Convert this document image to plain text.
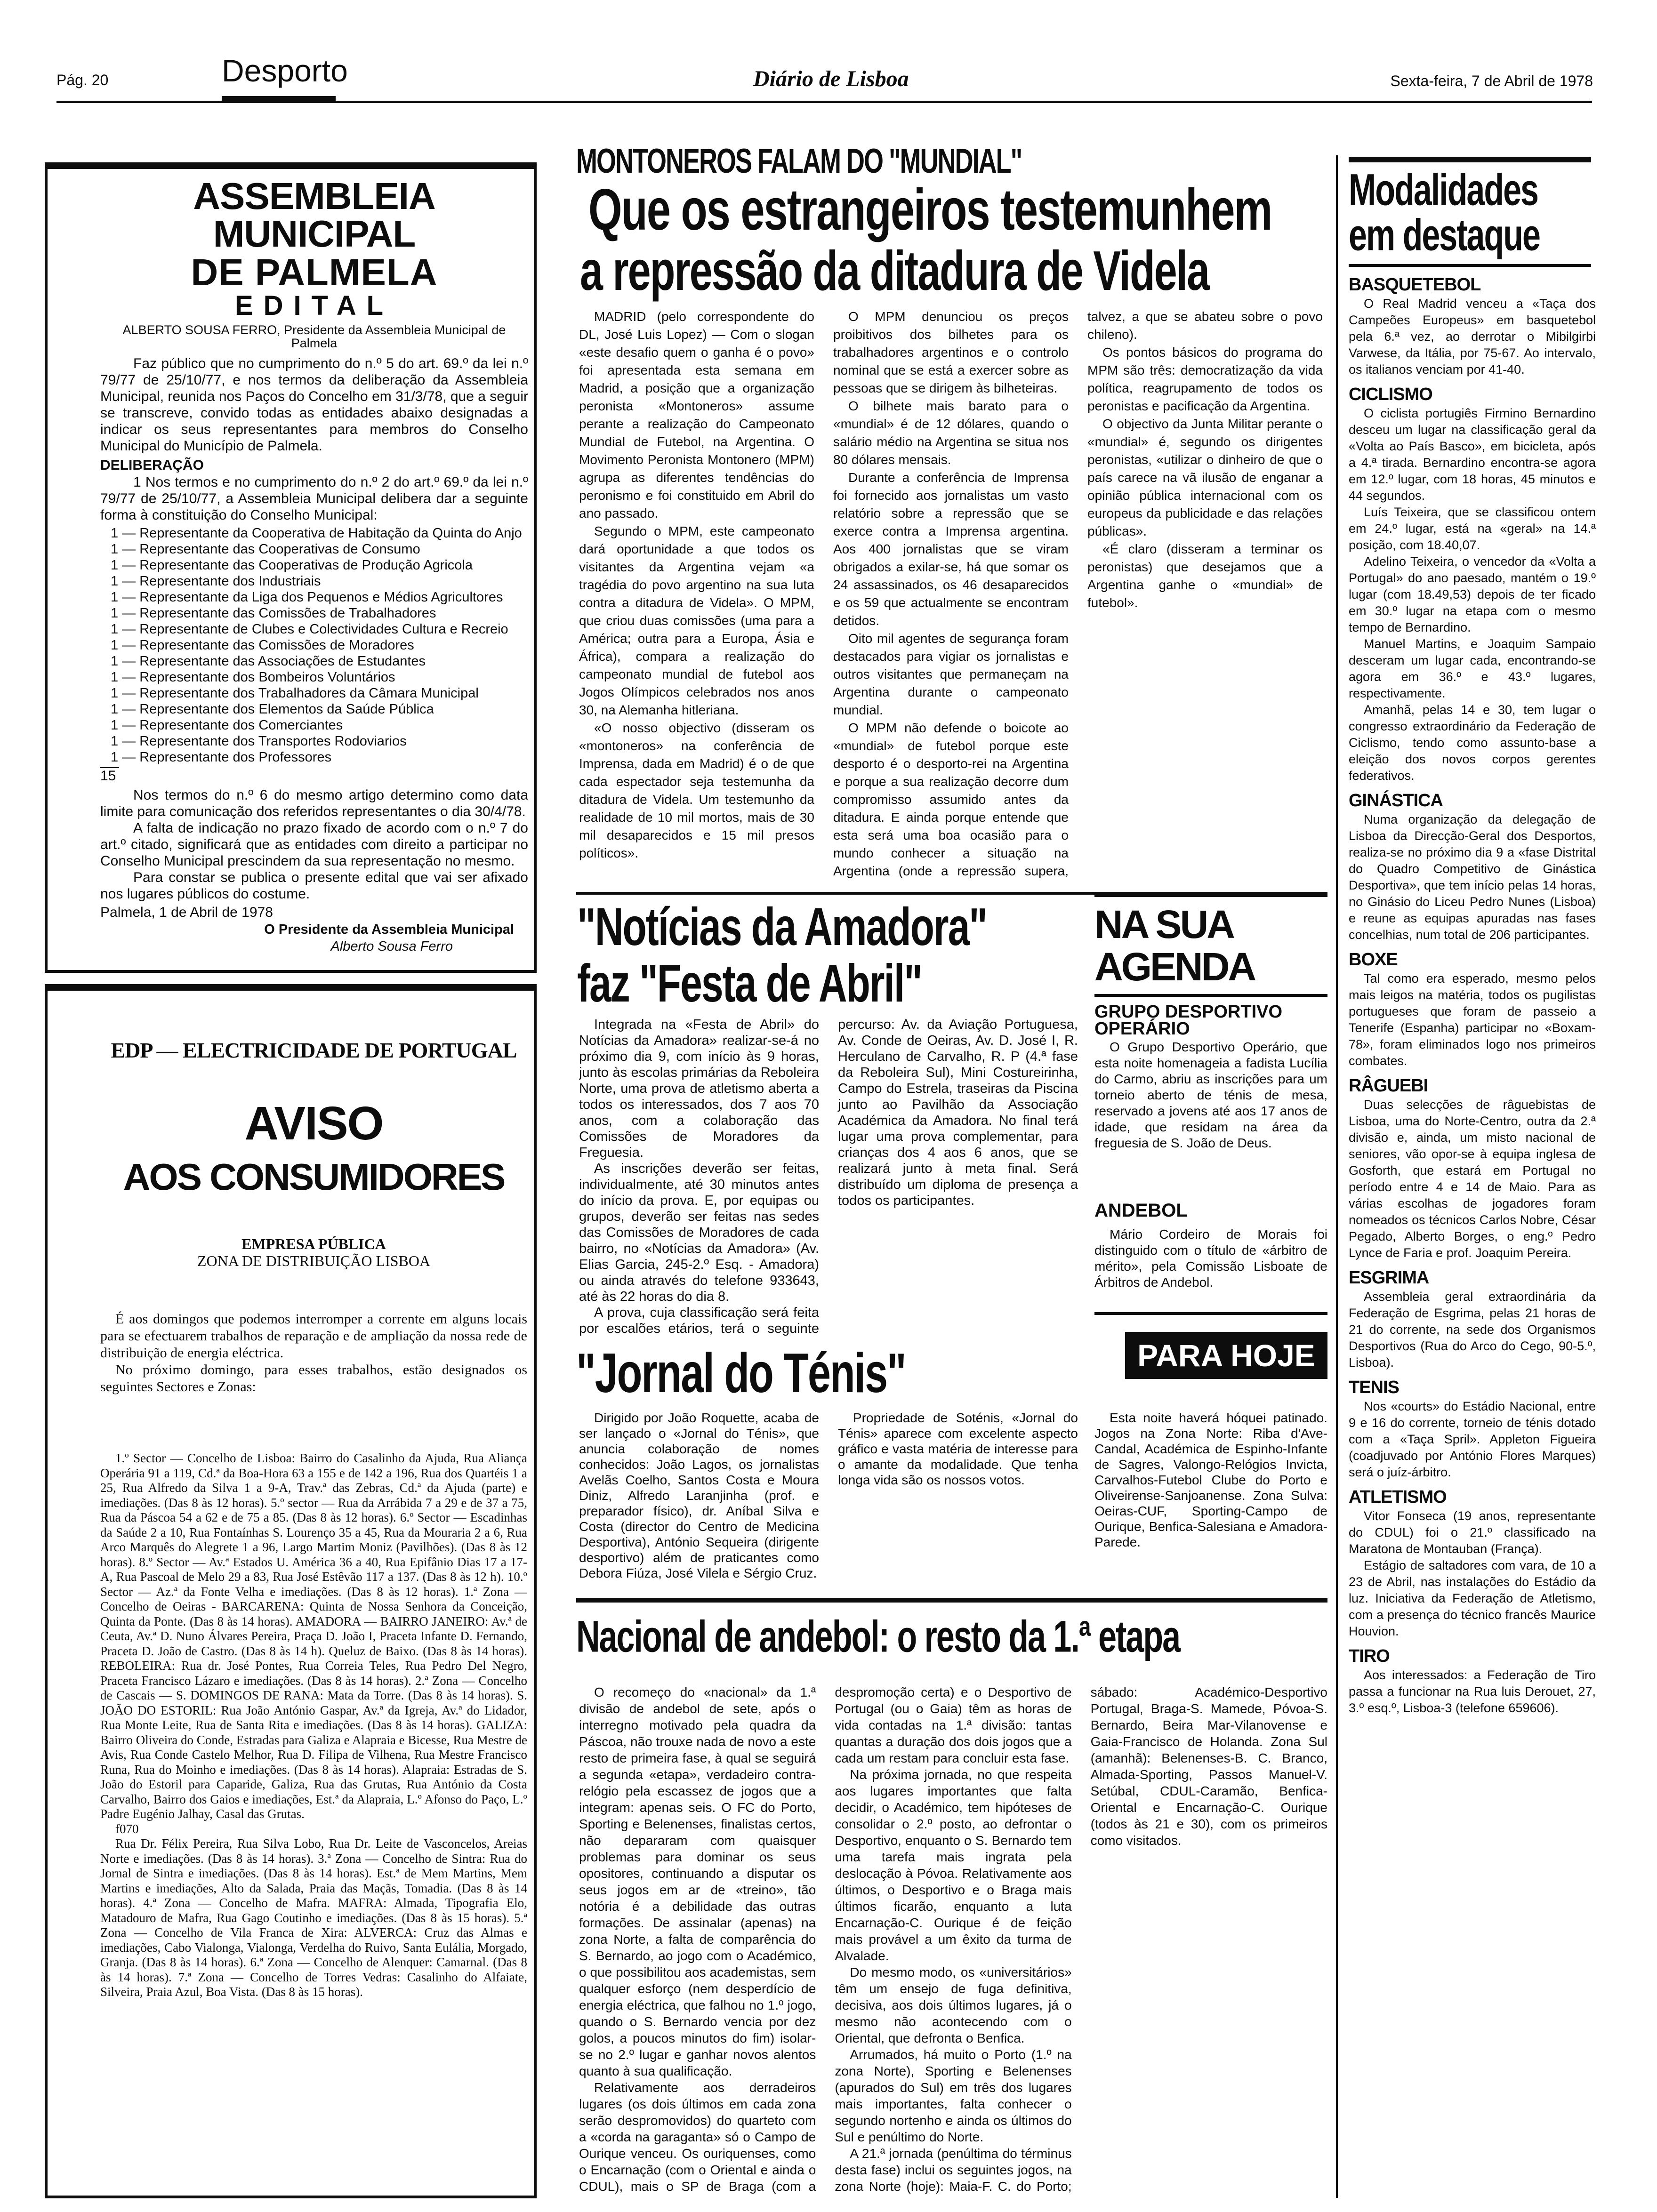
Pág. 20	Desporto	Diário de Lisboa	Sexta-feira, 7 de Abril de 1978
ASSEMBLEIA MUNICIPAL
DE PALMELA
EDITAL
ALBERTO SOUSA FERRO, Presidente da Assembleia Municipal de Palmela

Faz público que no cumprimento do n.º 5 do art. 69.º da lei n.º 79/77 de 25/10/77, e nos termos da deliberação da Assembleia Municipal, reunida nos Paços do Concelho em 31/3/78, que a seguir se transcreve, convido todas as entidades abaixo designadas a indicar os seus representantes para membros do Conselho Municipal do Município de Palmela.

DELIBERAÇÃO

1 Nos termos e no cumprimento do n.º 2 do art.º 69.º da lei n.º 79/77 de 25/10/77, a Assembleia Municipal delibera dar a seguinte forma à constituição do Conselho Municipal:

1 — Representante da Cooperativa de Habitação da Quinta do Anjo
1 — Representante das Cooperativas de Consumo
1 — Representante das Cooperativas de Produção Agricola
1 — Representante dos Industriais
1 — Representante da Liga dos Pequenos e Médios Agricultores
1 — Representante das Comissões de Trabalhadores
1 — Representante de Clubes e Colectividades Cultura e Recreio
1 — Representante das Comissões de Moradores
1 — Representante das Associações de Estudantes
1 — Representante dos Bombeiros Voluntários
1 — Representante dos Trabalhadores da Câmara Municipal
1 — Representante dos Elementos da Saúde Pública
1 — Representante dos Comerciantes
1 — Representante dos Transportes Rodoviarios
1 — Representante dos Professores
15

Nos termos do n.º 6 do mesmo artigo determino como data limite para comunicação dos referidos representantes o dia 30/4/78.

A falta de indicação no prazo fixado de acordo com o n.º 7 do art.º citado, significará que as entidades com direito a participar no Conselho Municipal prescindem da sua representação no mesmo.

Para constar se publica o presente edital que vai ser afixado nos lugares públicos do costume.

Palmela, 1 de Abril de 1978
O Presidente da Assembleia Municipal
Alberto Sousa Ferro
EDP — ELECTRICIDADE DE PORTUGAL
AVISO
AOS CONSUMIDORES
EMPRESA PÚBLICA
ZONA DE DISTRIBUIÇÃO LISBOA

É aos domingos que podemos interromper a corrente em alguns locais para se efectuarem trabalhos de reparação e de ampliação da nossa rede de distribuição de energia eléctrica.

No próximo domingo, para esses trabalhos, estão designados os seguintes Sectores e Zonas:

1.º Sector — Concelho de Lisboa: Bairro do Casalinho da Ajuda, Rua Aliança Operária 91 a 119, Cd.ª da Boa-Hora 63 a 155 e de 142 a 196, Rua dos Quartéis 1 a 25, Rua Alfredo da Silva 1 a 9-A, Trav.ª das Zebras, Cd.ª da Ajuda (parte) e imediações. (Das 8 às 12 horas). 5.º sector — Rua da Arrábida 7 a 29 e de 37 a 75, Rua da Páscoa 54 a 62 e de 75 a 85. (Das 8 às 12 horas). 6.º Sector — Escadinhas da Saúde 2 a 10, Rua Fontaínhas S. Lourenço 35 a 45, Rua da Mouraria 2 a 6, Rua Arco Marquês do Alegrete 1 a 96, Largo Martim Moniz (Pavilhões). (Das 8 às 12 horas). 8.º Sector — Av.ª Estados U. América 36 a 40, Rua Epifânio Dias 17 a 17-A, Rua Pascoal de Melo 29 a 83, Rua José Estêvão 117 a 137. (Das 8 às 12 h). 10.º Sector — Az.ª da Fonte Velha e imediações. (Das 8 às 12 horas). 1.ª Zona — Concelho de Oeiras - BARCARENA: Quinta de Nossa Senhora da Conceição, Quinta da Ponte. (Das 8 às 14 horas). AMADORA — BAIRRO JANEIRO: Av.ª de Ceuta, Av.ª D. Nuno Álvares Pereira, Praça D. João I, Praceta Infante D. Fernando, Praceta D. João de Castro. (Das 8 às 14 h). Queluz de Baixo. (Das 8 às 14 horas). REBOLEIRA: Rua dr. José Pontes, Rua Correia Teles, Rua Pedro Del Negro, Praceta Francisco Lázaro e imediações. (Das 8 às 14 horas). 2.ª Zona — Concelho de Cascais — S. DOMINGOS DE RANA: Mata da Torre. (Das 8 às 14 horas). S. JOÃO DO ESTORIL: Rua João António Gaspar, Av.ª da Igreja, Av.ª do Lidador, Rua Monte Leite, Rua de Santa Rita e imediações. (Das 8 às 14 horas). GALIZA: Bairro Oliveira do Conde, Estradas para Galiza e Alapraia e Bicesse, Rua Mestre de Avis, Rua Conde Castelo Melhor, Rua D. Filipa de Vilhena, Rua Mestre Francisco Runa, Rua do Moinho e imediações. (Das 8 às 14 horas). Alapraia: Estradas de S. João do Estoril para Caparide, Galiza, Rua das Grutas, Rua António da Costa Carvalho, Bairro dos Gaios e imediações, Est.ª da Alapraia, L.º Afonso do Paço, L.º Padre Eugénio Jalhay, Casal das Grutas.

f070

Rua Dr. Félix Pereira, Rua Silva Lobo, Rua Dr. Leite de Vasconcelos, Areias Norte e imediações. (Das 8 às 14 horas). 3.ª Zona — Concelho de Sintra: Rua do Jornal de Sintra e imediações. (Das 8 às 14 horas). Est.ª de Mem Martins, Mem Martins e imediações, Alto da Salada, Praia das Maçãs, Tomadia. (Das 8 às 14 horas). 4.ª Zona — Concelho de Mafra. MAFRA: Almada, Tipografia Elo, Matadouro de Mafra, Rua Gago Coutinho e imediações. (Das 8 às 15 horas). 5.ª Zona — Concelho de Vila Franca de Xira: ALVERCA: Cruz das Almas e imediações, Cabo Vialonga, Vialonga, Verdelha do Ruivo, Santa Eulália, Morgado, Granja. (Das 8 às 14 horas). 6.ª Zona — Concelho de Alenquer: Camarnal. (Das 8 às 14 horas). 7.ª Zona — Concelho de Torres Vedras: Casalinho do Alfaiate, Silveira, Praia Azul, Boa Vista. (Das 8 às 15 horas).

MONTONEROS FALAM DO "MUNDIAL"
Que os estrangeiros testemunhem
a repressão da ditadura de Videla

MADRID (pelo correspondente do DL, José Luis Lopez) — Com o slogan «este desafio quem o ganha é o povo» foi apresentada esta semana em Madrid, a posição que a organização peronista «Montoneros» assume perante a realização do Campeonato Mundial de Futebol, na Argentina. O Movimento Peronista Montonero (MPM) agrupa as diferentes tendências do peronismo e foi constituido em Abril do ano passado.

Segundo o MPM, este campeonato dará oportunidade a que todos os visitantes da Argentina vejam «a tragédia do povo argentino na sua luta contra a ditadura de Videla». O MPM, que criou duas comissões (uma para a América; outra para a Europa, Ásia e África), compara a realização do campeonato mundial de futebol aos Jogos Olímpicos celebrados nos anos 30, na Alemanha hitleriana.

«O nosso objectivo (disseram os «montoneros» na conferência de Imprensa, dada em Madrid) é o de que cada espectador seja testemunha da ditadura de Videla. Um testemunho da realidade de 10 mil mortos, mais de 30 mil desaparecidos e 15 mil presos políticos».

O MPM denunciou os preços proibitivos dos bilhetes para os trabalhadores argentinos e o controlo nominal que se está a exercer sobre as pessoas que se dirigem às bilheteiras.

O bilhete mais barato para o «mundial» é de 12 dólares, quando o salário médio na Argentina se situa nos 80 dólares mensais.

Durante a conferência de Imprensa foi fornecido aos jornalistas um vasto relatório sobre a repressão que se exerce contra a Imprensa argentina. Aos 400 jornalistas que se viram obrigados a exilar-se, há que somar os 24 assassinados, os 46 desaparecidos e os 59 que actualmente se encontram detidos.

Oito mil agentes de segurança foram destacados para vigiar os jornalistas e outros visitantes que permaneçam na Argentina durante o campeonato mundial.

O MPM não defende o boicote ao «mundial» de futebol porque este desporto é o desporto-rei na Argentina e porque a sua realização decorre dum compromisso assumido antes da ditadura. E ainda porque entende que esta será uma boa ocasião para o mundo conhecer a situação na Argentina (onde a repressão supera, talvez, a que se abateu sobre o povo chileno).

Os pontos básicos do programa do MPM são três: democratização da vida política, reagrupamento de todos os peronistas e pacificação da Argentina.

O objectivo da Junta Militar perante o «mundial» é, segundo os dirigentes peronistas, «utilizar o dinheiro de que o país carece na vã ilusão de enganar a opinião pública internacional com os europeus da publicidade e das relações públicas».

«É claro (disseram a terminar os peronistas) que desejamos que a Argentina ganhe o «mundial» de futebol».

"Notícias da Amadora"
faz "Festa de Abril"

Integrada na «Festa de Abril» do Notícias da Amadora» realizar-se-á no próximo dia 9, com início às 9 horas, junto às escolas primárias da Reboleira Norte, uma prova de atletismo aberta a todos os interessados, dos 7 aos 70 anos, com a colaboração das Comissões de Moradores da Freguesia.

As inscrições deverão ser feitas, individualmente, até 30 minutos antes do início da prova. E, por equipas ou grupos, deverão ser feitas nas sedes das Comissões de Moradores de cada bairro, no «Notícias da Amadora» (Av. Elias Garcia, 245-2.º Esq. - Amadora) ou ainda através do telefone 933643, até às 22 horas do dia 8.

A prova, cuja classificação será feita por escalões etários, terá o seguinte percurso: Av. da Aviação Portuguesa, Av. Conde de Oeiras, Av. D. José I, R. Herculano de Carvalho, R. P (4.ª fase da Reboleira Sul), Mini Costureirinha, Campo do Estrela, traseiras da Piscina junto ao Pavilhão da Associação Académica da Amadora. No final terá lugar uma prova complementar, para crianças dos 4 aos 6 anos, que se realizará junto à meta final. Será distribuído um diploma de presença a todos os participantes.

NA SUA
AGENDA
GRUPO DESPORTIVO OPERÁRIO

O Grupo Desportivo Operário, que esta noite homenageia a fadista Lucília do Carmo, abriu as inscrições para um torneio aberto de ténis de mesa, reservado a jovens até aos 17 anos de idade, que residam na área da freguesia de S. João de Deus.

ANDEBOL

Mário Cordeiro de Morais foi distinguido com o título de «árbitro de mérito», pela Comissão Lisboate de Árbitros de Andebol.

"Jornal do Ténis"

Dirigido por João Roquette, acaba de ser lançado o «Jornal do Ténis», que anuncia colaboração de nomes conhecidos: João Lagos, os jornalistas Avelãs Coelho, Santos Costa e Moura Diniz, Alfredo Laranjinha (prof. e preparador físico), dr. Aníbal Silva e Costa (director do Centro de Medicina Desportiva), António Sequeira (dirigente desportivo) além de praticantes como Debora Fiúza, José Vilela e Sérgio Cruz.

Propriedade de Soténis, «Jornal do Ténis» aparece com excelente aspecto gráfico e vasta matéria de interesse para o amante da modalidade. Que tenha longa vida são os nossos votos.

PARA HOJE

Esta noite haverá hóquei patinado. Jogos na Zona Norte: Riba d'Ave-Candal, Académica de Espinho-Infante de Sagres, Valongo-Relógios Invicta, Carvalhos-Futebol Clube do Porto e Oliveirense-Sanjoanense. Zona Sulva: Oeiras-CUF, Sporting-Campo de Ourique, Benfica-Salesiana e Amadora-Parede.

Nacional de andebol: o resto da 1.ª etapa

O recomeço do «nacional» da 1.ª divisão de andebol de sete, após o interregno motivado pela quadra da Páscoa, não trouxe nada de novo a este resto de primeira fase, à qual se seguirá a segunda «etapa», verdadeiro contra-relógio pela escassez de jogos que a integram: apenas seis. O FC do Porto, Sporting e Belenenses, finalistas certos, não depararam com quaisquer problemas para dominar os seus opositores, continuando a disputar os seus jogos em ar de «treino», tão notória é a debilidade das outras formações. De assinalar (apenas) na zona Norte, a falta de comparência do S. Bernardo, ao jogo com o Académico, o que possibilitou aos academistas, sem qualquer esforço (nem desperdício de energia eléctrica, que falhou no 1.º jogo, quando o S. Bernardo vencia por dez golos, a poucos minutos do fim) isolar-se no 2.º lugar e ganhar novos alentos quanto à sua qualificação.

Relativamente aos derradeiros lugares (os dois últimos em cada zona serão despromovidos) do quarteto com a «corda na garaganta» só o Campo de Ourique venceu. Os ouriquenses, como o Encarnação (com o Oriental e ainda o CDUL), mais o SP de Braga (com a despromoção certa) e o Desportivo de Portugal (ou o Gaia) têm as horas de vida contadas na 1.ª divisão: tantas quantas a duração dos dois jogos que a cada um restam para concluir esta fase.

Na próxima jornada, no que respeita aos lugares importantes que falta decidir, o Académico, tem hipóteses de consolidar o 2.º posto, ao defrontar o Desportivo, enquanto o S. Bernardo tem uma tarefa mais ingrata pela deslocação à Póvoa. Relativamente aos últimos, o Desportivo e o Braga mais últimos ficarão, enquanto a luta Encarnação-C. Ourique é de feição mais provável a um êxito da turma de Alvalade.

Do mesmo modo, os «universitários» têm um ensejo de fuga definitiva, decisiva, aos dois últimos lugares, já o mesmo não acontecendo com o Oriental, que defronta o Benfica.

Arrumados, há muito o Porto (1.º na zona Norte), Sporting e Belenenses (apurados do Sul) em três dos lugares mais importantes, falta conhecer o segundo nortenho e ainda os últimos do Sul e penúltimo do Norte.

A 21.ª jornada (penúltima do términus desta fase) inclui os seguintes jogos, na zona Norte (hoje): Maia-F. C. do Porto; sábado: Académico-Desportivo Portugal, Braga-S. Mamede, Póvoa-S. Bernardo, Beira Mar-Vilanovense e Gaia-Francisco de Holanda. Zona Sul (amanhã): Belenenses-B. C. Branco, Almada-Sporting, Passos Manuel-V. Setúbal, CDUL-Caramão, Benfica-Oriental e Encarnação-C. Ourique (todos às 21 e 30), com os primeiros como visitados.

Modalidades
em destaque
BASQUETEBOL

O Real Madrid venceu a «Taça dos Campeões Europeus» em basquetebol pela 6.ª vez, ao derrotar o Mibilgirbi Varwese, da Itália, por 75-67. Ao intervalo, os italianos venciam por 41-40.

CICLISMO

O ciclista portugiês Firmino Bernardino desceu um lugar na classificação geral da «Volta ao País Basco», em bicicleta, após a 4.ª tirada. Bernardino encontra-se agora em 12.º lugar, com 18 horas, 45 minutos e 44 segundos.

Luís Teixeira, que se classificou ontem em 24.º lugar, está na «geral» na 14.ª posição, com 18.40,07.

Adelino Teixeira, o vencedor da «Volta a Portugal» do ano paesado, mantém o 19.º lugar (com 18.49,53) depois de ter ficado em 30.º lugar na etapa com o mesmo tempo de Bernardino.

Manuel Martins, e Joaquim Sampaio desceram um lugar cada, encontrando-se agora em 36.º e 43.º lugares, respectivamente.

Amanhã, pelas 14 e 30, tem lugar o congresso extraordinário da Federação de Ciclismo, tendo como assunto-base a eleição dos novos corpos gerentes federativos.

GINÁSTICA

Numa organização da delegação de Lisboa da Direcção-Geral dos Desportos, realiza-se no próximo dia 9 a «fase Distrital do Quadro Competitivo de Ginástica Desportiva», que tem início pelas 14 horas, no Ginásio do Liceu Pedro Nunes (Lisboa) e reune as equipas apuradas nas fases concelhias, num total de 206 participantes.

BOXE

Tal como era esperado, mesmo pelos mais leigos na matéria, todos os pugilistas portugueses que foram de passeio a Tenerife (Espanha) participar no «Boxam-78», foram eliminados logo nos primeiros combates.

RÂGUEBI

Duas selecções de râguebistas de Lisboa, uma do Norte-Centro, outra da 2.ª divisão e, ainda, um misto nacional de seniores, vão opor-se à equipa inglesa de Gosforth, que estará em Portugal no período entre 4 e 14 de Maio. Para as várias escolhas de jogadores foram nomeados os técnicos Carlos Nobre, César Pegado, Alberto Borges, o eng.º Pedro Lynce de Faria e prof. Joaquim Pereira.

ESGRIMA

Assembleia geral extraordinária da Federação de Esgrima, pelas 21 horas de 21 do corrente, na sede dos Organismos Desportivos (Rua do Arco do Cego, 90-5.º, Lisboa).

TENIS

Nos «courts» do Estádio Nacional, entre 9 e 16 do corrente, torneio de ténis dotado com a «Taça Spril». Appleton Figueira (coadjuvado por António Flores Marques) será o juíz-árbitro.

ATLETISMO

Vitor Fonseca (19 anos, representante do CDUL) foi o 21.º classificado na Maratona de Montauban (França).

Estágio de saltadores com vara, de 10 a 23 de Abril, nas instalações do Estádio da luz. Iniciativa da Federação de Atletismo, com a presença do técnico francês Maurice Houvion.

TIRO

Aos interessados: a Federação de Tiro passa a funcionar na Rua luis Derouet, 27, 3.º esq.º, Lisboa-3 (telefone 659606).
